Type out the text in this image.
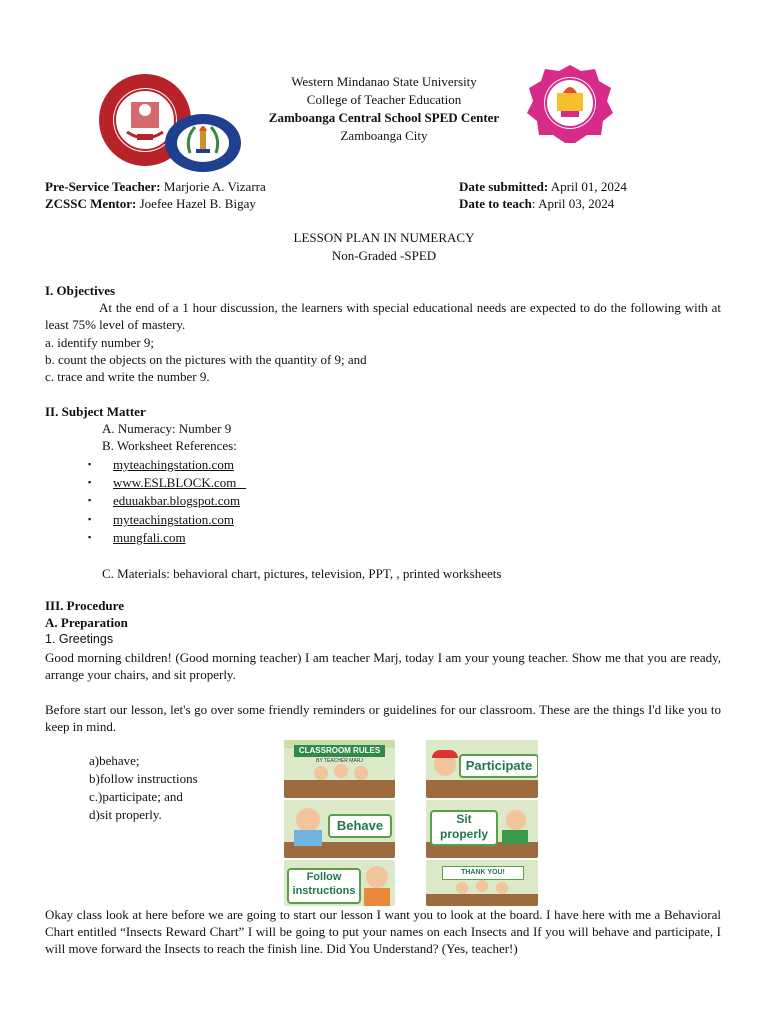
Western Mindanao State University
College of Teacher Education
Zamboanga Central School SPED Center
Zamboanga City
Pre-Service Teacher: Marjorie A. Vizarra
ZCSSC Mentor: Joefee Hazel B. Bigay
Date submitted: April 01, 2024
Date to teach: April 03, 2024
LESSON PLAN IN NUMERACY
Non-Graded -SPED
I. Objectives
At the end of a 1 hour discussion, the learners with special educational needs are expected to do the following with at least 75% level of mastery.
a. identify number 9;
b. count the objects on the pictures with the quantity of 9; and
c. trace and write the number 9.
II. Subject Matter
A. Numeracy: Number 9
B. Worksheet References:
▪ myteachingstation.com
▪ www.ESLBLOCK.com
▪ eduuakbar.blogspot.com
▪ myteachingstation.com
▪ mungfali.com
C. Materials: behavioral chart, pictures, television, PPT, , printed worksheets
III. Procedure
A. Preparation
1. Greetings
Good morning children! (Good morning teacher) I am teacher Marj, today I am your young teacher. Show me that you are ready, arrange your chairs, and sit properly.
Before start our lesson, let's go over some friendly reminders or guidelines for our classroom. These are the things I'd like you to keep in mind.
a)behave;
b)follow instructions
c.)participate; and
d)sit properly.
CLASSROOM RULES
BY TEACHER MARJ	Participate
Behave	Sit properly
Follow instructions
THANK YOU!
Okay class look at here before we are going to start our lesson I want you to look at the board. I have here with me a Behavioral Chart entitled “Insects Reward Chart” I will be going to put your names on each Insects and If you will behave and participate, I will move forward the Insects to reach the finish line. Did You Understand? (Yes, teacher!)
